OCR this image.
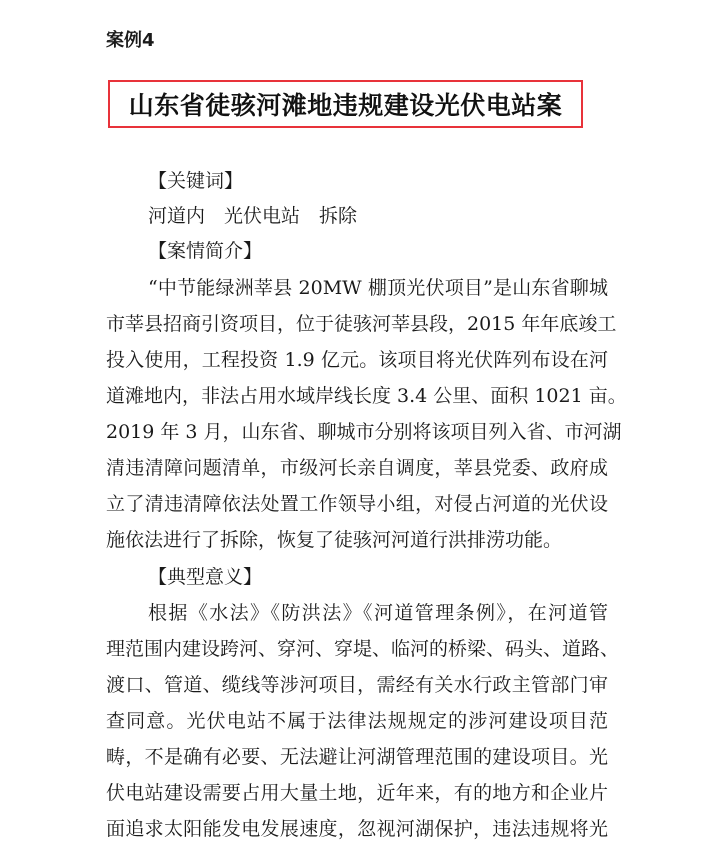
案例4
山东省徒骇河滩地违规建设光伏电站案
【关键词】
河道内　光伏电站　拆除
【案情简介】
“中节能绿洲莘县 20MW 棚顶光伏项目”是山东省聊城
市莘县招商引资项目，位于徒骇河莘县段，2015 年年底竣工
投入使用，工程投资 1.9 亿元。该项目将光伏阵列布设在河
道滩地内，非法占用水域岸线长度 3.4 公里、面积 1021 亩。
2019 年 3 月，山东省、聊城市分别将该项目列入省、市河湖
清违清障问题清单，市级河长亲自调度，莘县党委、政府成
立了清违清障依法处置工作领导小组，对侵占河道的光伏设
施依法进行了拆除，恢复了徒骇河河道行洪排涝功能。
【典型意义】
根据《水法》《防洪法》《河道管理条例》，在河道管
理范围内建设跨河、穿河、穿堤、临河的桥梁、码头、道路、
渡口、管道、缆线等涉河项目，需经有关水行政主管部门审
查同意。光伏电站不属于法律法规规定的涉河建设项目范
畴，不是确有必要、无法避让河湖管理范围的建设项目。光
伏电站建设需要占用大量土地，近年来，有的地方和企业片
面追求太阳能发电发展速度，忽视河湖保护，违法违规将光
